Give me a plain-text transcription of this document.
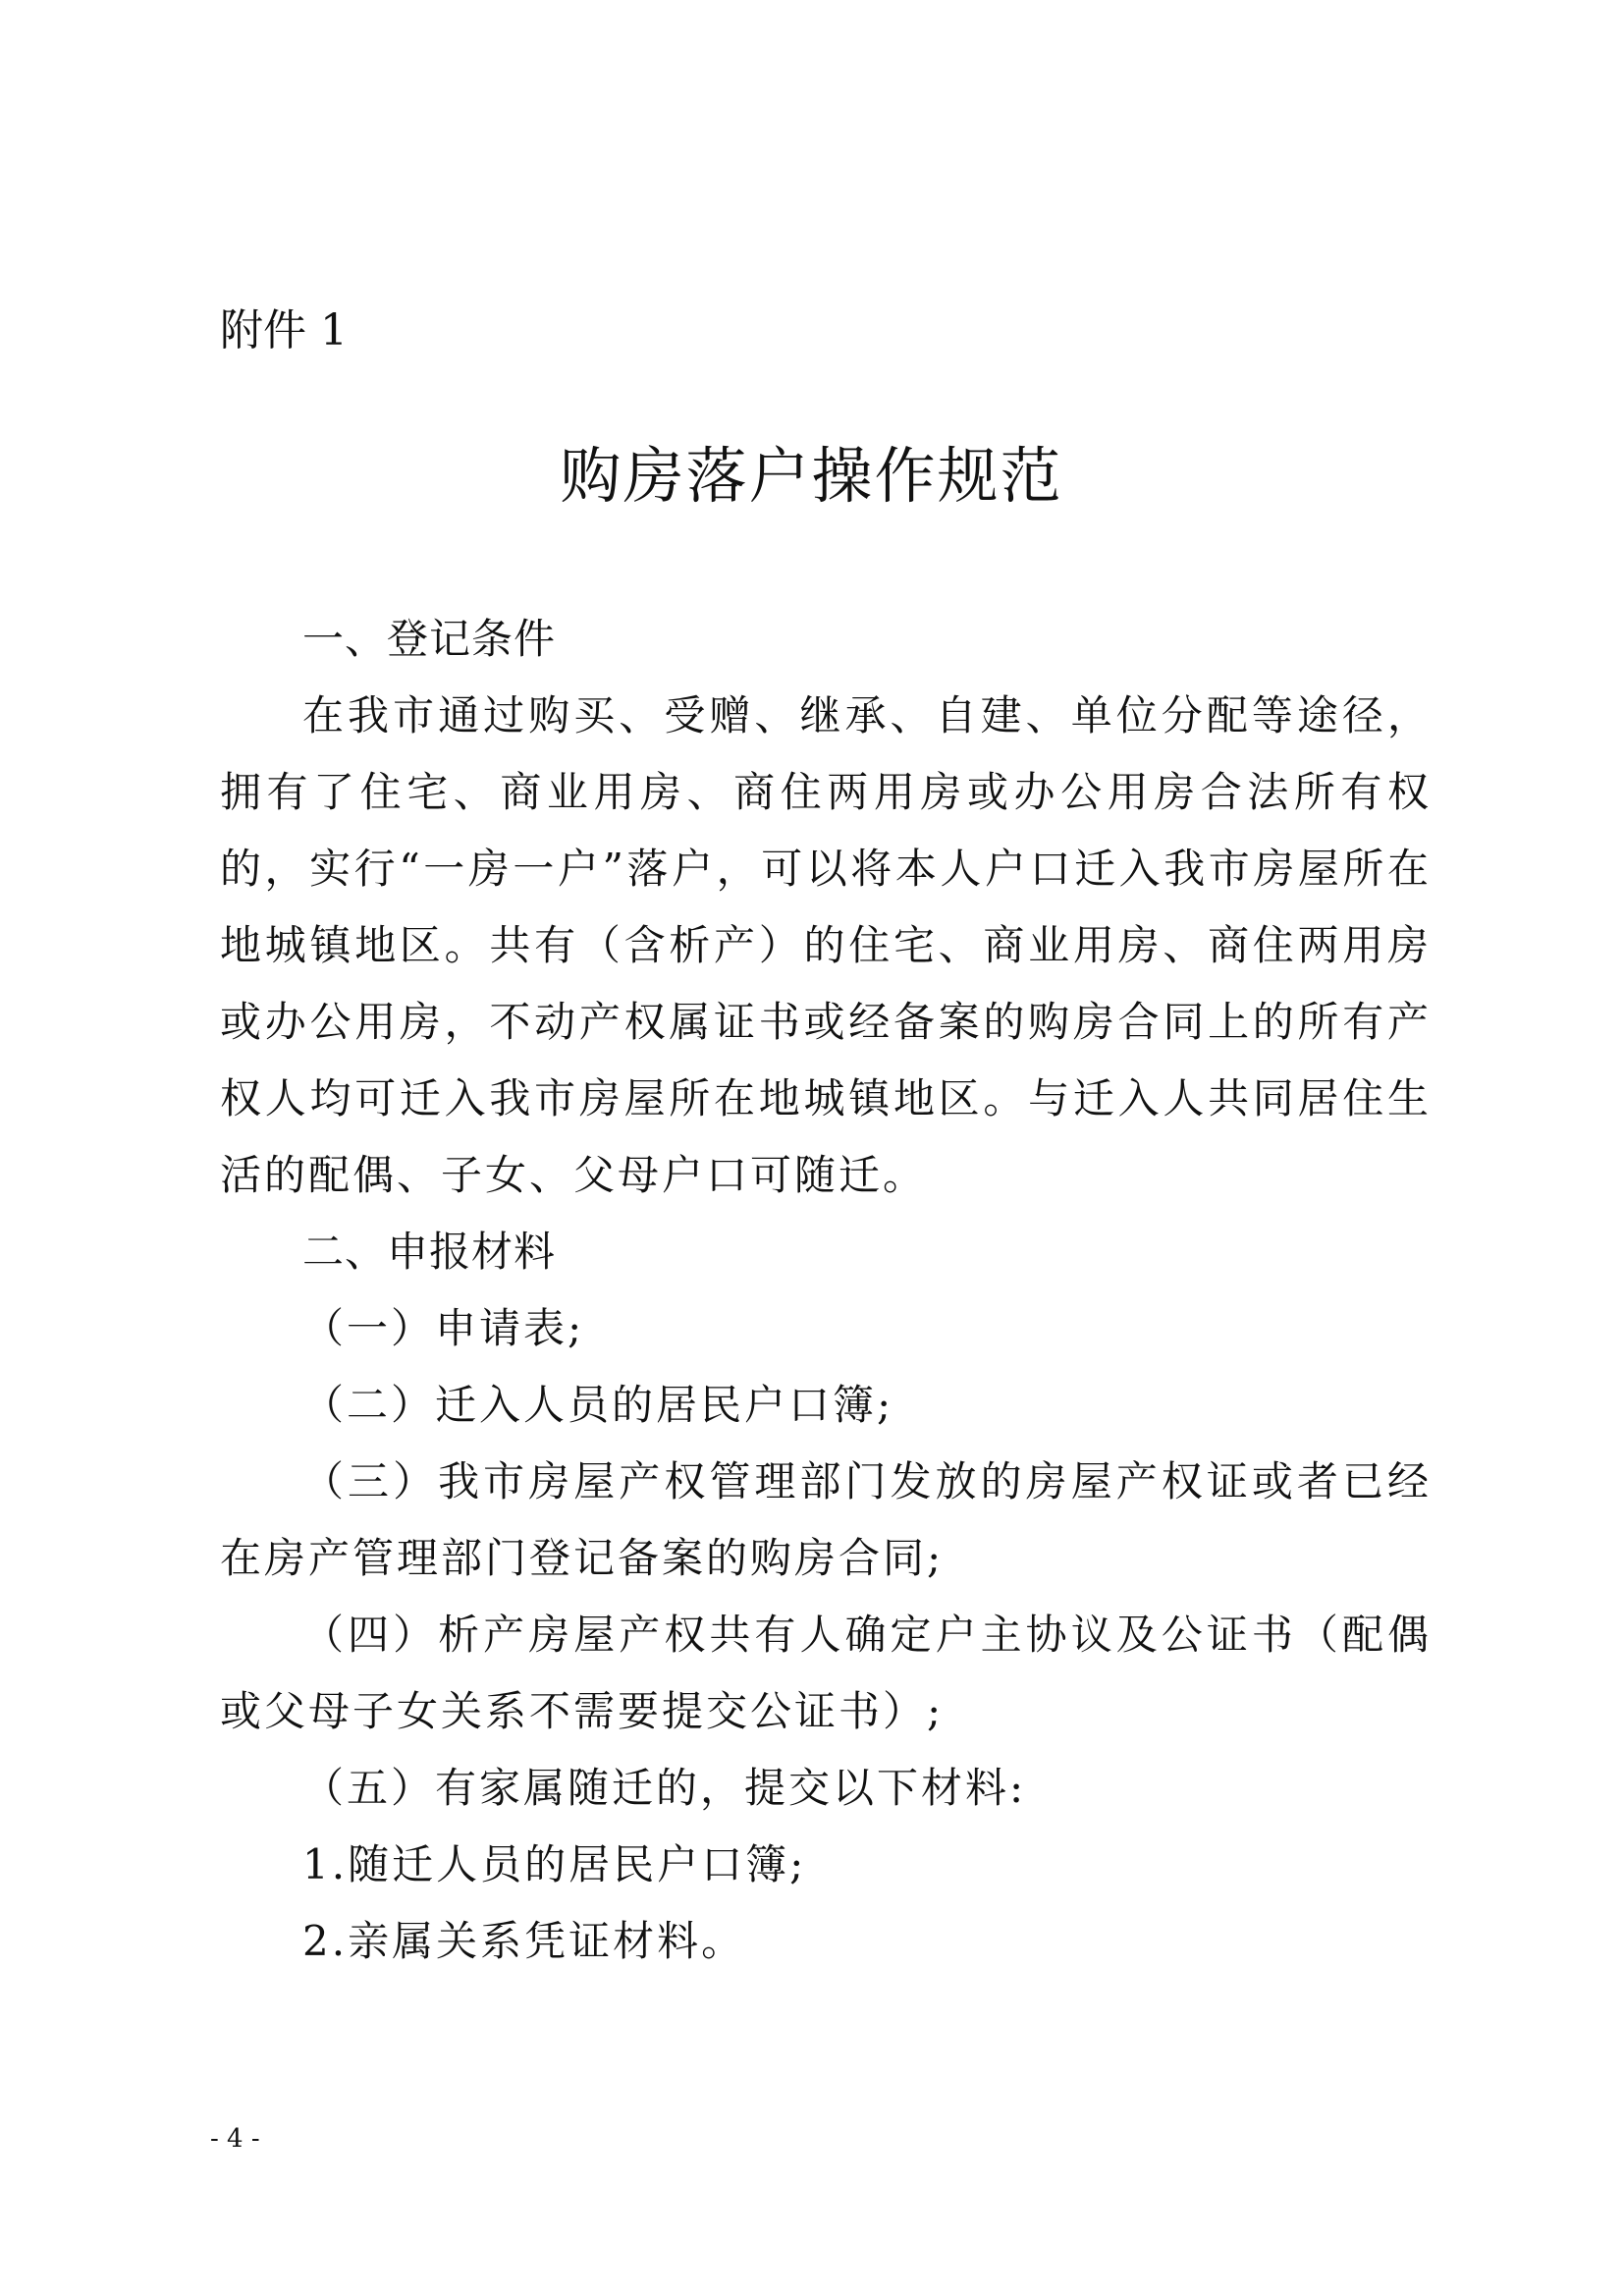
附件 1
购房落户操作规范
一、登记条件

在我市通过购买、受赠、继承、自建、单位分配等途径，拥有了住宅、商业用房、商住两用房或办公用房合法所有权的，实行“一房一户”落户，可以将本人户口迁入我市房屋所在地城镇地区。共有（含析产）的住宅、商业用房、商住两用房或办公用房，不动产权属证书或经备案的购房合同上的所有产权人均可迁入我市房屋所在地城镇地区。与迁入人共同居住生活的配偶、子女、父母户口可随迁。

二、申报材料

（一）申请表;

（二）迁入人员的居民户口簿;

（三）我市房屋产权管理部门发放的房屋产权证或者已经在房产管理部门登记备案的购房合同;

（四）析产房屋产权共有人确定户主协议及公证书（配偶或父母子女关系不需要提交公证书）;

（五）有家属随迁的，提交以下材料:

1.随迁人员的居民户口簿;

2.亲属关系凭证材料。

- 4 -
